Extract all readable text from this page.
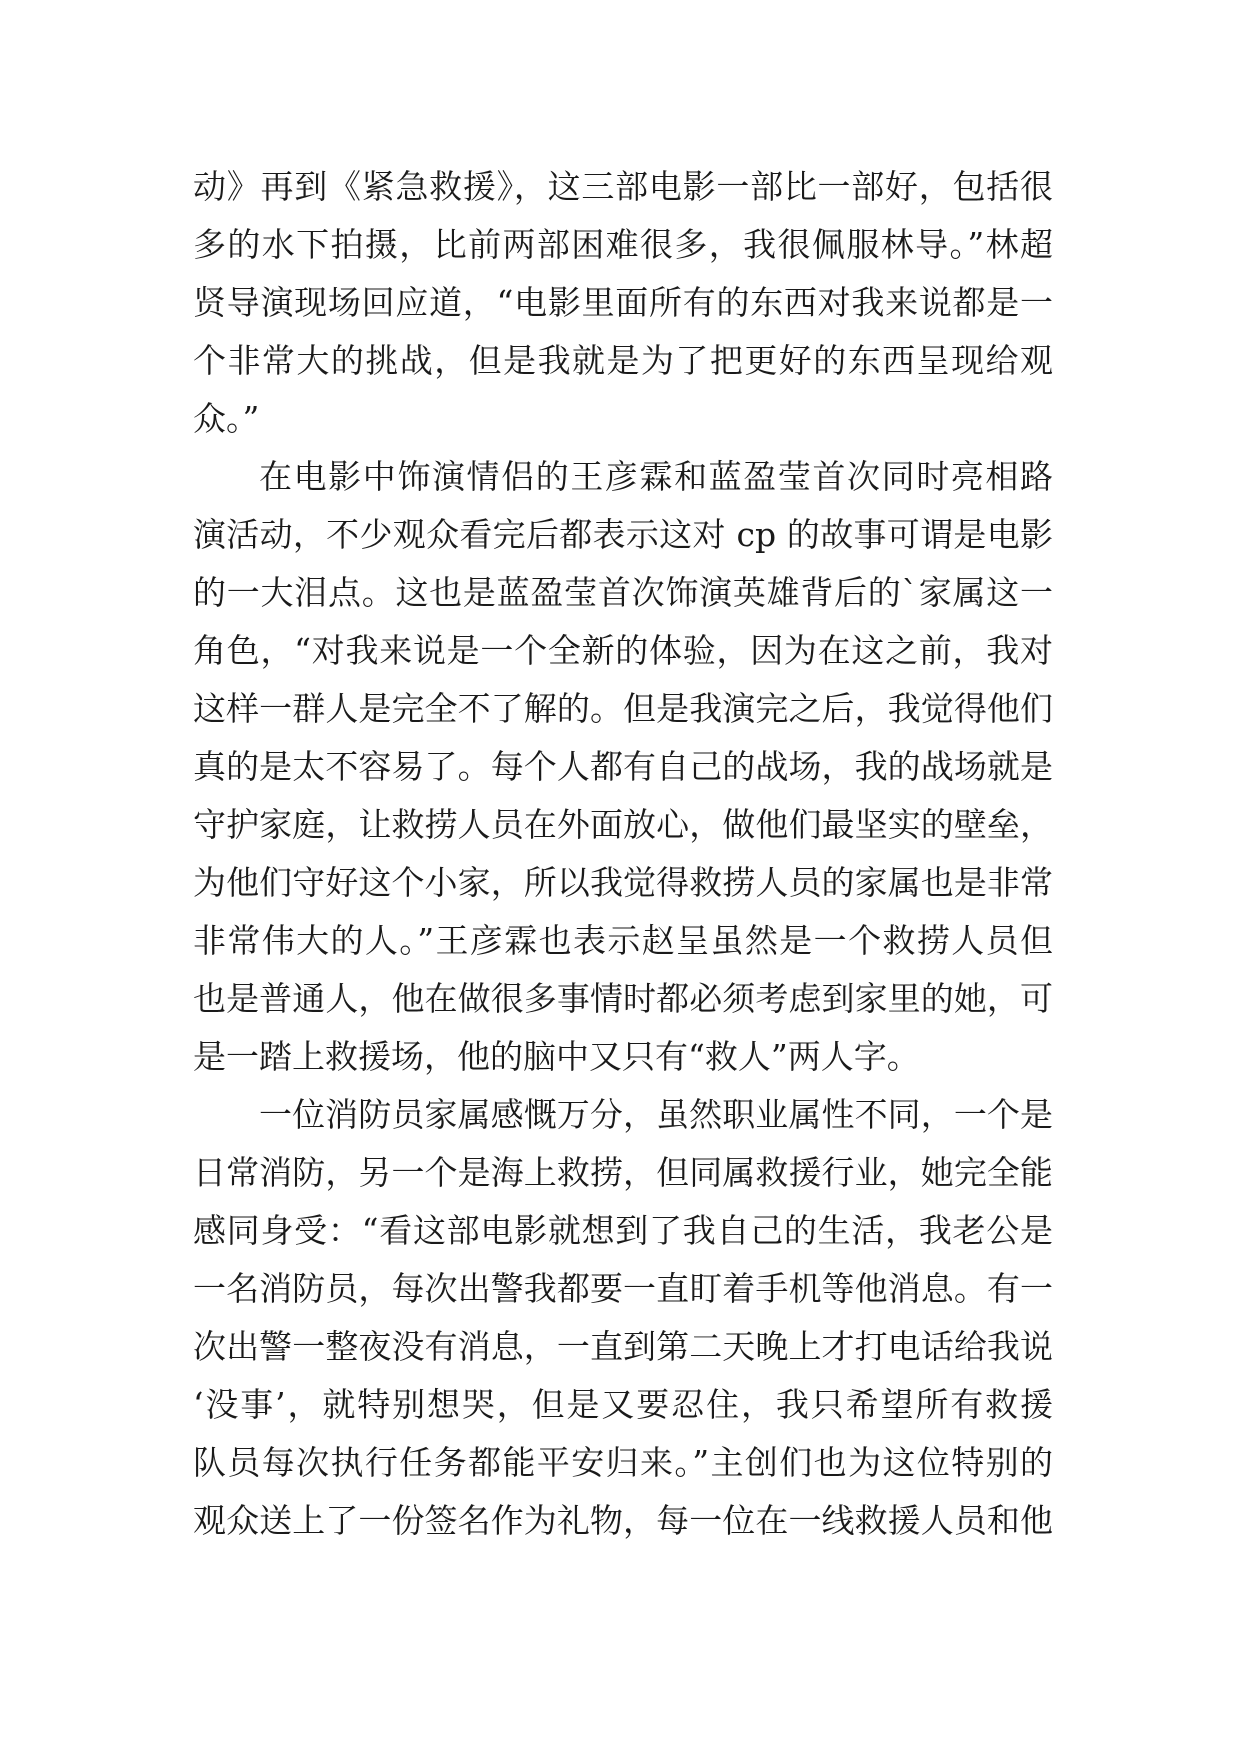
动》再到《紧急救援》，这三部电影一部比一部好，包括很
多的水下拍摄，比前两部困难很多，我很佩服林导。”林超
贤导演现场回应道，“电影里面所有的东西对我来说都是一
个非常大的挑战，但是我就是为了把更好的东西呈现给观
众。”
在电影中饰演情侣的王彦霖和蓝盈莹首次同时亮相路
演活动，不少观众看完后都表示这对 cp 的故事可谓是电影
的一大泪点。这也是蓝盈莹首次饰演英雄背后的`家属这一
角色，“对我来说是一个全新的体验，因为在这之前，我对
这样一群人是完全不了解的。但是我演完之后，我觉得他们
真的是太不容易了。每个人都有自己的战场，我的战场就是
守护家庭，让救捞人员在外面放心，做他们最坚实的壁垒，
为他们守好这个小家，所以我觉得救捞人员的家属也是非常
非常伟大的人。”王彦霖也表示赵呈虽然是一个救捞人员但
也是普通人，他在做很多事情时都必须考虑到家里的她，可
是一踏上救援场，他的脑中又只有“救人”两人字。
一位消防员家属感慨万分，虽然职业属性不同，一个是
日常消防，另一个是海上救捞，但同属救援行业，她完全能
感同身受：“看这部电影就想到了我自己的生活，我老公是
一名消防员，每次出警我都要一直盯着手机等他消息。有一
次出警一整夜没有消息，一直到第二天晚上才打电话给我说
‘没事’，就特别想哭，但是又要忍住，我只希望所有救援
队员每次执行任务都能平安归来。”主创们也为这位特别的
观众送上了一份签名作为礼物，每一位在一线救援人员和他
